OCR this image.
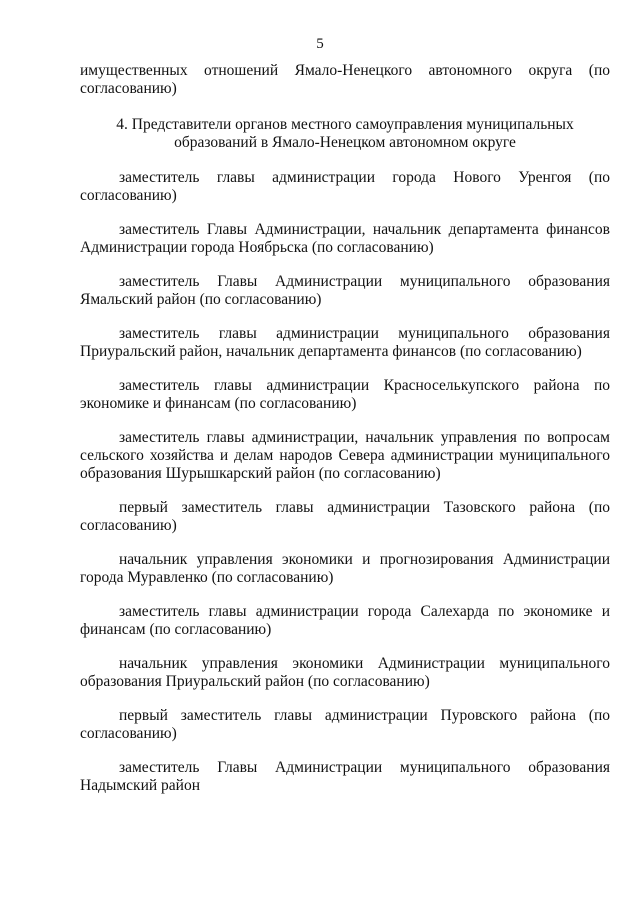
5

имущественных отношений Ямало-Ненецкого автономного округа (по согласованию)

4. Представители органов местного самоуправления муниципальных образований в Ямало-Ненецком автономном округе

заместитель главы администрации города Нового Уренгоя (по согласованию)

заместитель Главы Администрации, начальник департамента финансов Администрации города Ноябрьска (по согласованию)

заместитель Главы Администрации муниципального образования Ямальский район (по согласованию)

заместитель главы администрации муниципального образования Приуральский район, начальник департамента финансов (по согласованию)

заместитель главы администрации Красноселькупского района по экономике и финансам (по согласованию)

заместитель главы администрации, начальник управления по вопросам сельского хозяйства и делам народов Севера администрации муниципального образования Шурышкарский район (по согласованию)

первый заместитель главы администрации Тазовского района (по согласованию)

начальник управления экономики и прогнозирования Администрации города Муравленко (по согласованию)

заместитель главы администрации города Салехарда по экономике и финансам (по согласованию)

начальник управления экономики Администрации муниципального образования Приуральский район (по согласованию)

первый заместитель главы администрации Пуровского района (по согласованию)

заместитель Главы Администрации муниципального образования Надымский район
